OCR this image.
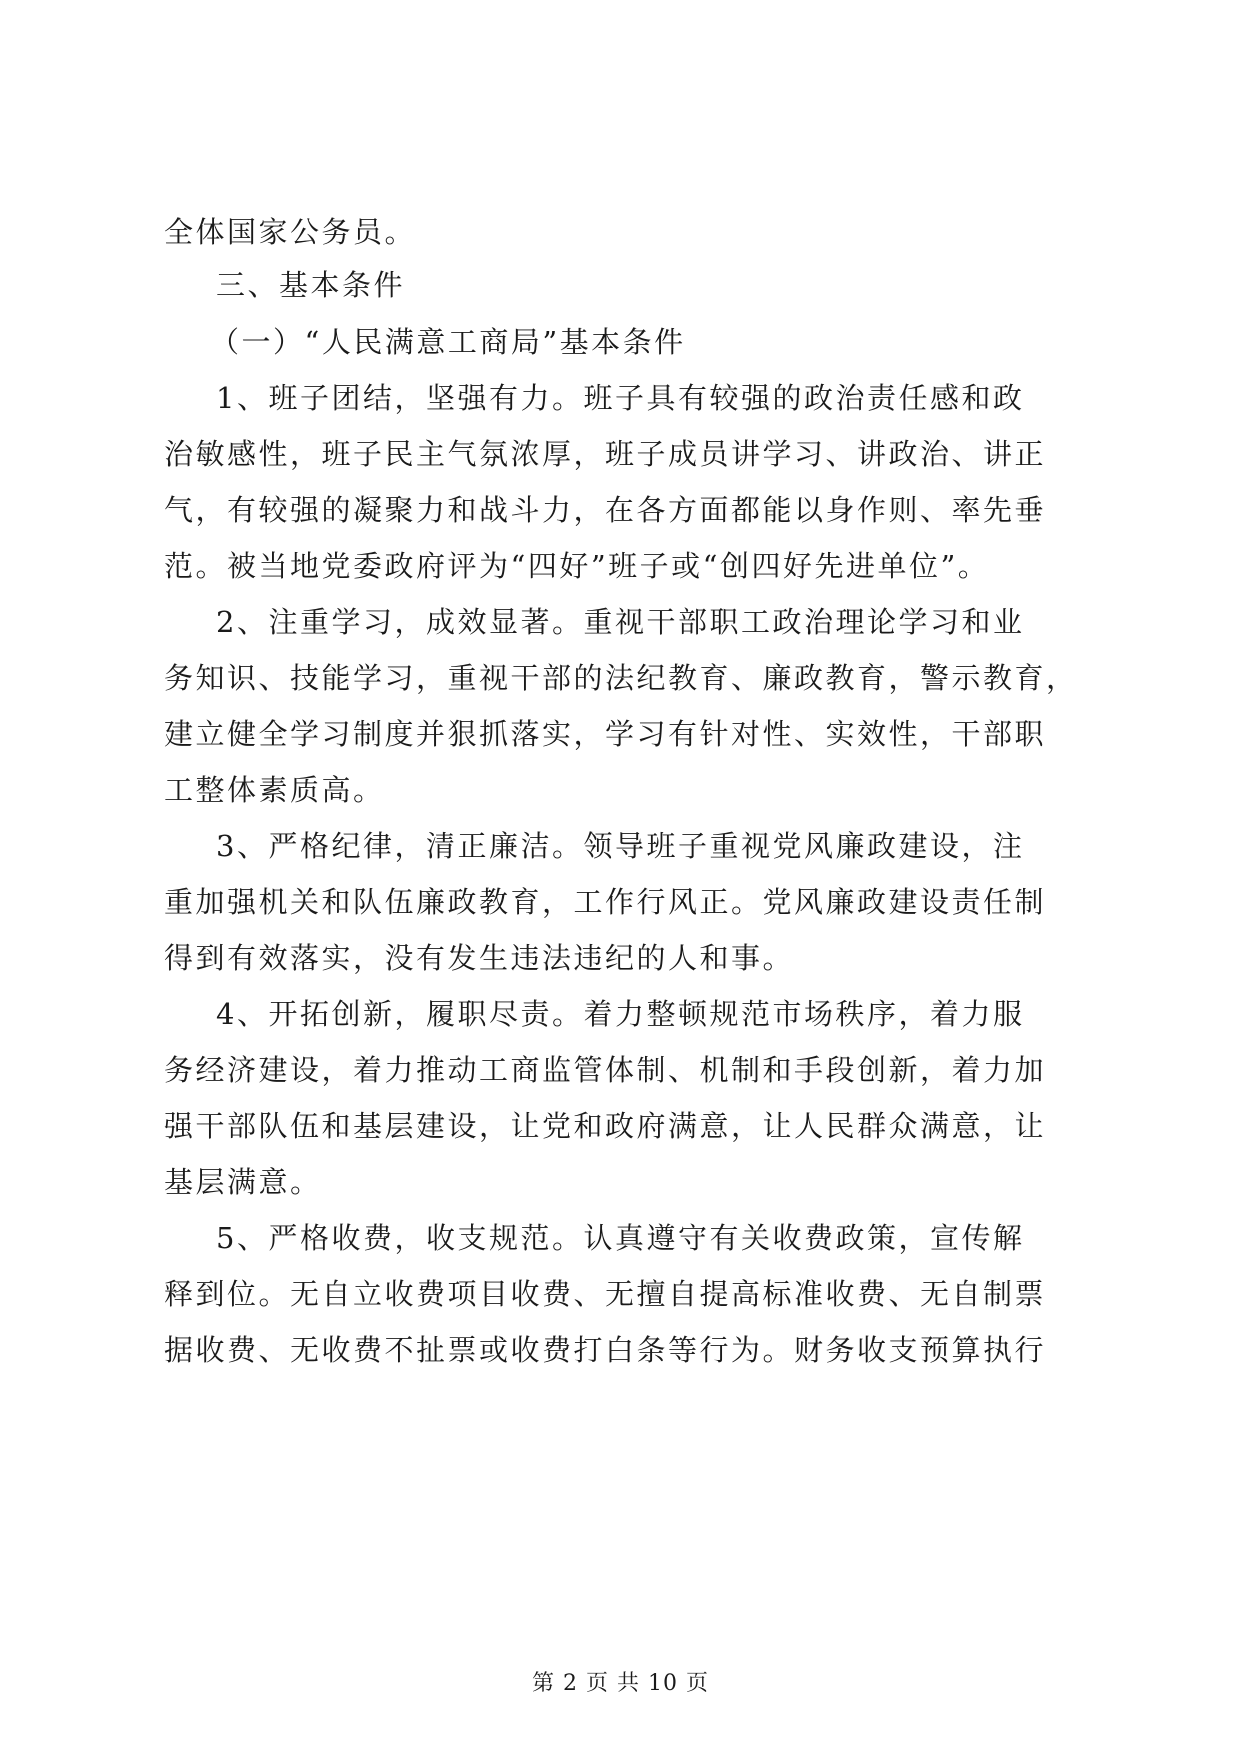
全体国家公务员。
三、基本条件
（一）“人民满意工商局”基本条件
1、班子团结，坚强有力。班子具有较强的政治责任感和政
治敏感性，班子民主气氛浓厚，班子成员讲学习、讲政治、讲正
气，有较强的凝聚力和战斗力，在各方面都能以身作则、率先垂
范。被当地党委政府评为“四好”班子或“创四好先进单位”。
2、注重学习，成效显著。重视干部职工政治理论学习和业
务知识、技能学习，重视干部的法纪教育、廉政教育，警示教育，
建立健全学习制度并狠抓落实，学习有针对性、实效性，干部职
工整体素质高。
3、严格纪律，清正廉洁。领导班子重视党风廉政建设，注
重加强机关和队伍廉政教育，工作行风正。党风廉政建设责任制
得到有效落实，没有发生违法违纪的人和事。
4、开拓创新，履职尽责。着力整顿规范市场秩序，着力服
务经济建设，着力推动工商监管体制、机制和手段创新，着力加
强干部队伍和基层建设，让党和政府满意，让人民群众满意，让
基层满意。
5、严格收费，收支规范。认真遵守有关收费政策，宣传解
释到位。无自立收费项目收费、无擅自提高标准收费、无自制票
据收费、无收费不扯票或收费打白条等行为。财务收支预算执行
第 2 页 共 10 页
